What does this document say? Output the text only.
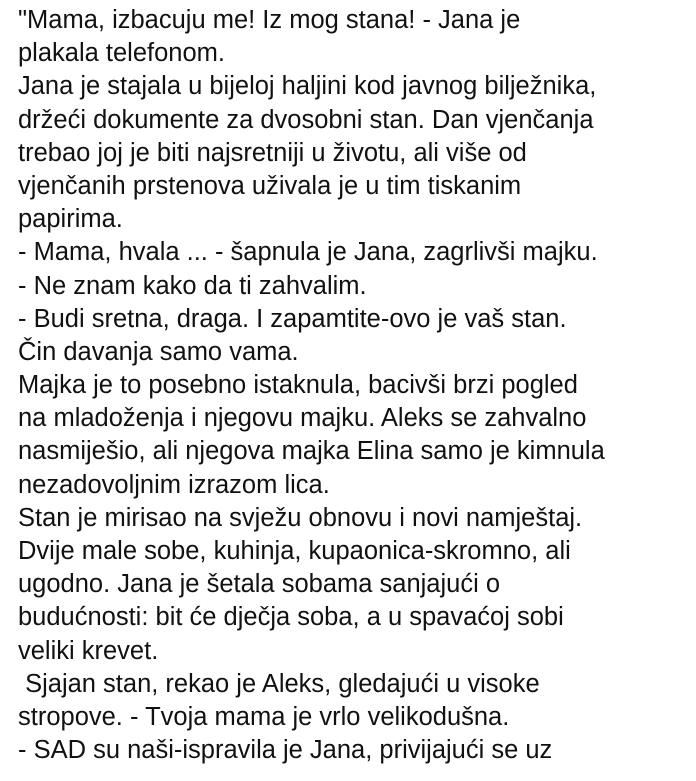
"Mama, izbacuju me! Iz mog stana! - Jana je
plakala telefonom.
Jana je stajala u bijeloj haljini kod javnog bilježnika,
držeći dokumente za dvosobni stan. Dan vjenčanja
trebao joj je biti najsretniji u životu, ali više od
vjenčanih prstenova uživala je u tim tiskanim
papirima.
- Mama, hvala ... - šapnula je Jana, zagrlivši majku.
- Ne znam kako da ti zahvalim.
- Budi sretna, draga. I zapamtite-ovo je vaš stan.
Čin davanja samo vama.
Majka je to posebno istaknula, bacivši brzi pogled
na mladoženja i njegovu majku. Aleks se zahvalno
nasmiješio, ali njegova majka Elina samo je kimnula
nezadovoljnim izrazom lica.
Stan je mirisao na svježu obnovu i novi namještaj.
Dvije male sobe, kuhinja, kupaonica-skromno, ali
ugodno. Jana je šetala sobama sanjajući o
budućnosti: bit će dječja soba, a u spavaćoj sobi
veliki krevet.
Sjajan stan, rekao je Aleks, gledajući u visoke
stropove. - Tvoja mama je vrlo velikodušna.
- SAD su naši-ispravila je Jana, privijajući se uz
